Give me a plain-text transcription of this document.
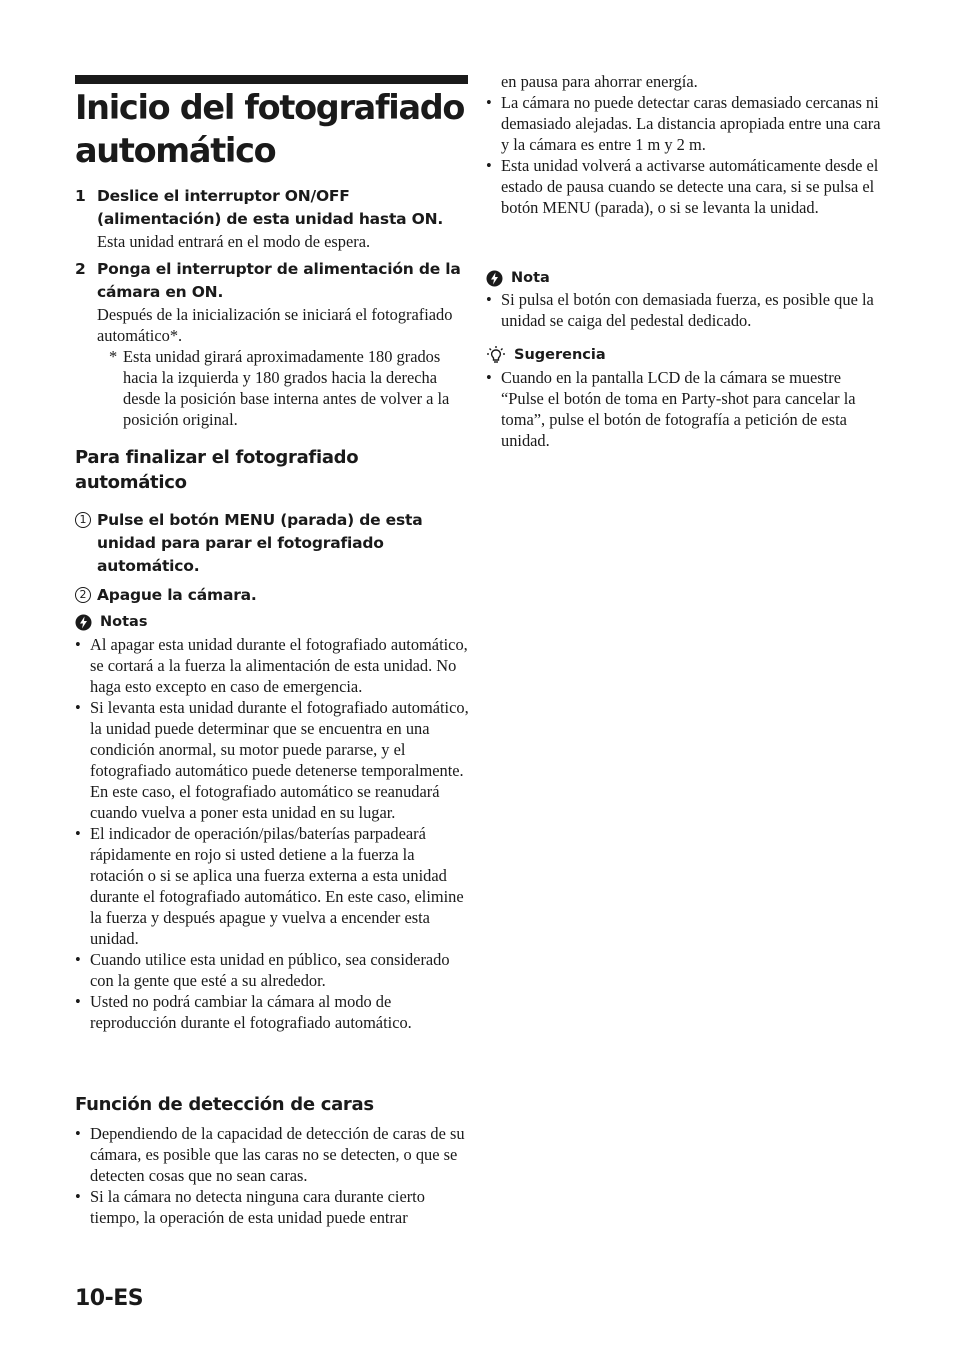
Inicio del fotografiado automático
1 Deslice el interruptor ON/OFF (alimentación) de esta unidad hasta ON.
Esta unidad entrará en el modo de espera.
2 Ponga el interruptor de alimentación de la cámara en ON.
Después de la inicialización se iniciará el fotografiado automático*.
* Esta unidad girará aproximadamente 180 grados hacia la izquierda y 180 grados hacia la derecha desde la posición base interna antes de volver a la posición original.
Para finalizar el fotografiado automático
1 Pulse el botón MENU (parada) de esta unidad para parar el fotografiado automático.
2 Apague la cámara.
Notas
• Al apagar esta unidad durante el fotografiado automático, se cortará a la fuerza la alimentación de esta unidad. No haga esto excepto en caso de emergencia.
• Si levanta esta unidad durante el fotografiado automático, la unidad puede determinar que se encuentra en una condición anormal, su motor puede pararse, y el fotografiado automático puede detenerse temporalmente. En este caso, el fotografiado automático se reanudará cuando vuelva a poner esta unidad en su lugar.
• El indicador de operación/pilas/baterías parpadeará rápidamente en rojo si usted detiene a la fuerza la rotación o si se aplica una fuerza externa a esta unidad durante el fotografiado automático. En este caso, elimine la fuerza y después apague y vuelva a encender esta unidad.
• Cuando utilice esta unidad en público, sea considerado con la gente que esté a su alrededor.
• Usted no podrá cambiar la cámara al modo de reproducción durante el fotografiado automático.
Función de detección de caras
• Dependiendo de la capacidad de detección de caras de su cámara, es posible que las caras no se detecten, o que se detecten cosas que no sean caras.
• Si la cámara no detecta ninguna cara durante cierto tiempo, la operación de esta unidad puede entrar
en pausa para ahorrar energía.
• La cámara no puede detectar caras demasiado cercanas ni demasiado alejadas. La distancia apropiada entre una cara y la cámara es entre 1 m y 2 m.
• Esta unidad volverá a activarse automáticamente desde el estado de pausa cuando se detecte una cara, si se pulsa el botón MENU (parada), o si se levanta la unidad.
Nota
• Si pulsa el botón con demasiada fuerza, es posible que la unidad se caiga del pedestal dedicado.
Sugerencia
• Cuando en la pantalla LCD de la cámara se muestre “Pulse el botón de toma en Party-shot para cancelar la toma”, pulse el botón de fotografía a petición de esta unidad.
10-ES
